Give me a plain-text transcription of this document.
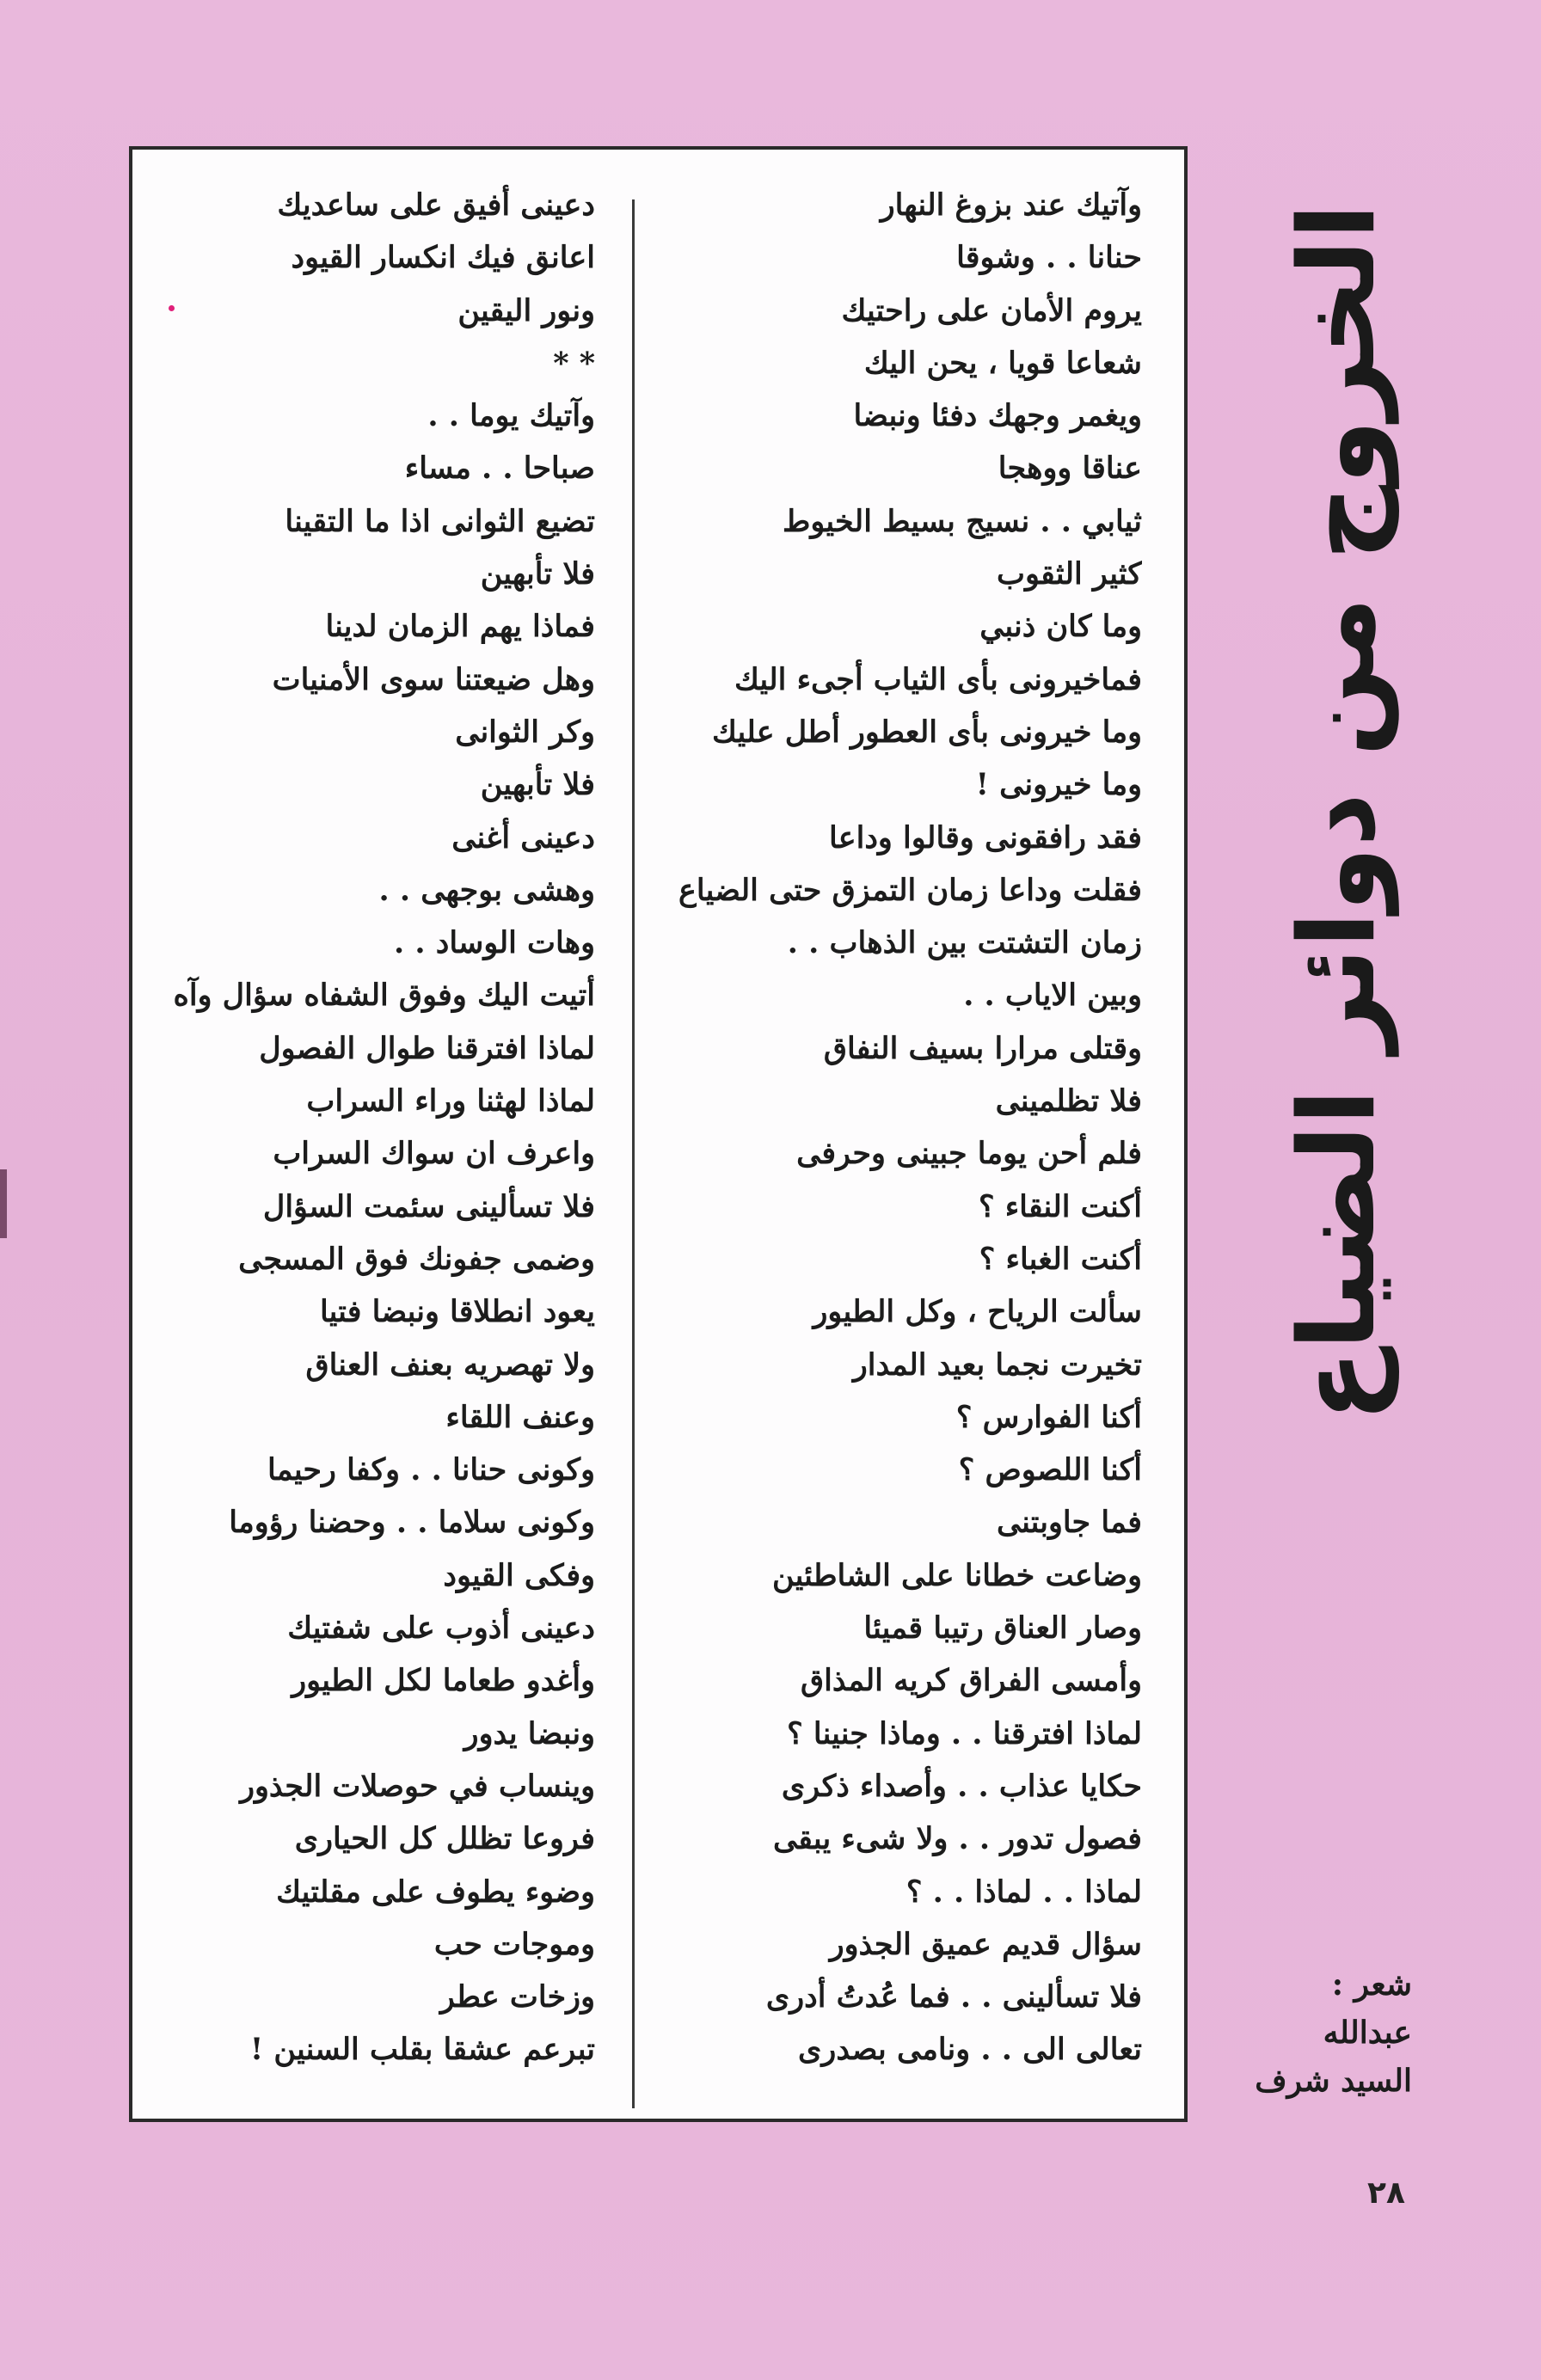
الخروج من دوائر الضياع
وآتيك عند بزوغ النهار
حنانا . . وشوقا
يروم الأمان على راحتيك
شعاعا قويا ، يحن اليك
ويغمر وجهك دفئا ونبضا
عناقا ووهجا
ثيابي . . نسيج بسيط الخيوط
كثير الثقوب
وما كان ذنبي
فماخيرونى بأى الثياب أجىء اليك
وما خيرونى بأى العطور أطل عليك
وما خيرونى !
فقد رافقونى وقالوا وداعا
فقلت وداعا زمان التمزق حتى الضياع
زمان التشتت بين الذهاب . .
وبين الاياب . .
وقتلى مرارا بسيف النفاق
فلا تظلمينى
فلم أحن يوما جبينى وحرفى
أكنت النقاء ؟
أكنت الغباء ؟
سألت الرياح ، وكل الطيور
تخيرت نجما بعيد المدار
أكنا الفوارس ؟
أكنا اللصوص ؟
فما جاوبتنى
وضاعت خطانا على الشاطئين
وصار العناق رتيبا قميئا
وأمسى الفراق كريه المذاق
لماذا افترقنا . . وماذا جنينا ؟
حكايا عذاب . . وأصداء ذكرى
فصول تدور . . ولا شىء يبقى
لماذا . . لماذا . . ؟
سؤال قديم عميق الجذور
فلا تسألينى . . فما عُدتُ أدرى
تعالى الى . . ونامى بصدرى
دعينى أفيق على ساعديك
اعانق فيك انكسار القيود
ونور اليقين
* *
وآتيك يوما . .
صباحا . . مساء
تضيع الثوانى اذا ما التقينا
فلا تأبهين
فماذا يهم الزمان لدينا
وهل ضيعتنا سوى الأمنيات
وكر الثوانى
فلا تأبهين
دعينى أغنى
وهشى بوجهى . .
وهات الوساد . .
أتيت اليك وفوق الشفاه سؤال وآه
لماذا افترقنا طوال الفصول
لماذا لهثنا وراء السراب
واعرف ان سواك السراب
فلا تسألينى سئمت السؤال
وضمى جفونك فوق المسجى
يعود انطلاقا ونبضا فتيا
ولا تهصريه بعنف العناق
وعنف اللقاء
وكونى حنانا . . وكفا رحيما
وكونى سلاما . . وحضنا رؤوما
وفكى القيود
دعينى أذوب على شفتيك
وأغدو طعاما لكل الطيور
ونبضا يدور
وينساب في حوصلات الجذور
فروعا تظلل كل الحيارى
وضوء يطوف على مقلتيك
وموجات حب
وزخات عطر
تبرعم عشقا بقلب السنين !
شعر :
عبدالله
السيد شرف
٢٨
